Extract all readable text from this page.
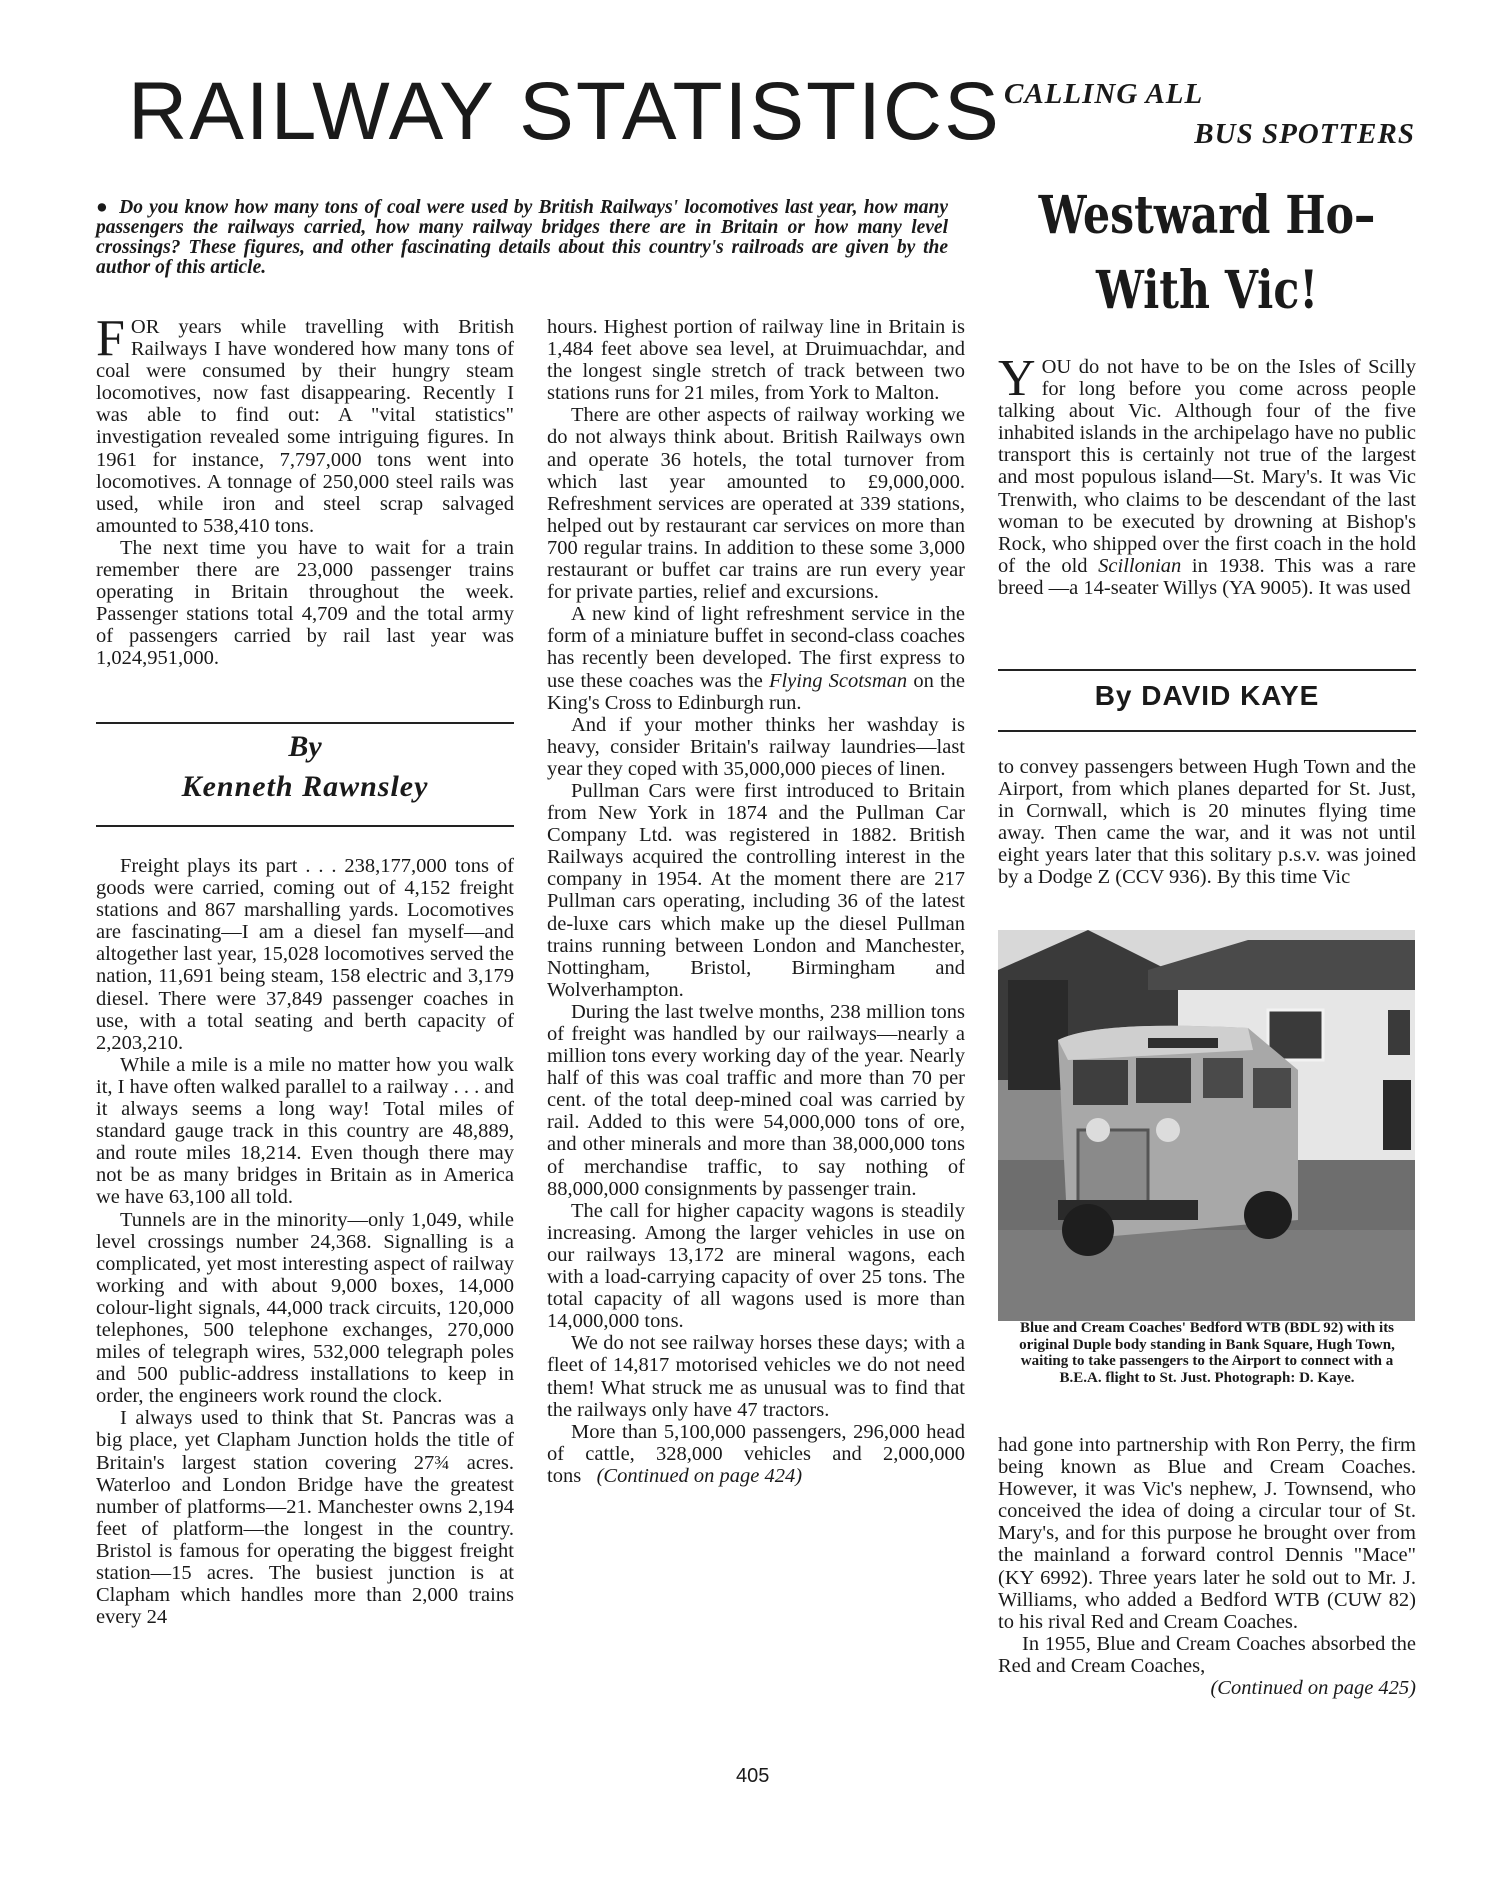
RAILWAY STATISTICS

● Do you know how many tons of coal were used by British Railways' locomotives last year, how many passengers the railways carried, how many railway bridges there are in Britain or how many level crossings? These figures, and other fascinating details about this country's railroads are given by the author of this article.

FOR years while travelling with British Railways I have wondered how many tons of coal were consumed by their hungry steam locomotives, now fast disappearing. Recently I was able to find out: A "vital statistics" investigation revealed some intriguing figures. In 1961 for instance, 7,797,000 tons went into locomotives. A tonnage of 250,000 steel rails was used, while iron and steel scrap salvaged amounted to 538,410 tons.

The next time you have to wait for a train remember there are 23,000 passenger trains operating in Britain throughout the week. Passenger stations total 4,709 and the total army of passengers carried by rail last year was 1,024,951,000.

By

Kenneth Rawnsley

Freight plays its part . . . 238,177,000 tons of goods were carried, coming out of 4,152 freight stations and 867 marshalling yards. Locomotives are fascinating—I am a diesel fan myself—and altogether last year, 15,028 locomotives served the nation, 11,691 being steam, 158 electric and 3,179 diesel. There were 37,849 passenger coaches in use, with a total seating and berth capacity of 2,203,210.

While a mile is a mile no matter how you walk it, I have often walked parallel to a railway . . . and it always seems a long way! Total miles of standard gauge track in this country are 48,889, and route miles 18,214. Even though there may not be as many bridges in Britain as in America we have 63,100 all told.

Tunnels are in the minority—only 1,049, while level crossings number 24,368. Signalling is a complicated, yet most interesting aspect of railway working and with about 9,000 boxes, 14,000 colour-light signals, 44,000 track circuits, 120,000 telephones, 500 telephone exchanges, 270,000 miles of telegraph wires, 532,000 telegraph poles and 500 public-address installations to keep in order, the engineers work round the clock.

I always used to think that St. Pancras was a big place, yet Clapham Junction holds the title of Britain's largest station covering 27¾ acres. Waterloo and London Bridge have the greatest number of platforms—21. Manchester owns 2,194 feet of platform—the longest in the country. Bristol is famous for operating the biggest freight station—15 acres. The busiest junction is at Clapham which handles more than 2,000 trains every 24

hours. Highest portion of railway line in Britain is 1,484 feet above sea level, at Druimuachdar, and the longest single stretch of track between two stations runs for 21 miles, from York to Malton.

There are other aspects of railway working we do not always think about. British Railways own and operate 36 hotels, the total turnover from which last year amounted to £9,000,000. Refreshment services are operated at 339 stations, helped out by restaurant car services on more than 700 regular trains. In addition to these some 3,000 restaurant or buffet car trains are run every year for private parties, relief and excursions.

A new kind of light refreshment service in the form of a miniature buffet in second-class coaches has recently been developed. The first express to use these coaches was the Flying Scotsman on the King's Cross to Edinburgh run.

And if your mother thinks her washday is heavy, consider Britain's railway laundries—last year they coped with 35,000,000 pieces of linen.

Pullman Cars were first introduced to Britain from New York in 1874 and the Pullman Car Company Ltd. was registered in 1882. British Railways acquired the controlling interest in the company in 1954. At the moment there are 217 Pullman cars operating, including 36 of the latest de-luxe cars which make up the diesel Pullman trains running between London and Manchester, Nottingham, Bristol, Birmingham and Wolverhampton.

During the last twelve months, 238 million tons of freight was handled by our railways—nearly a million tons every working day of the year. Nearly half of this was coal traffic and more than 70 per cent. of the total deep-mined coal was carried by rail. Added to this were 54,000,000 tons of ore, and other minerals and more than 38,000,000 tons of merchandise traffic, to say nothing of 88,000,000 consignments by passenger train.

The call for higher capacity wagons is steadily increasing. Among the larger vehicles in use on our railways 13,172 are mineral wagons, each with a load-carrying capacity of over 25 tons. The total capacity of all wagons used is more than 14,000,000 tons.

We do not see railway horses these days; with a fleet of 14,817 motorised vehicles we do not need them! What struck me as unusual was to find that the railways only have 47 tractors.

More than 5,100,000 passengers, 296,000 head of cattle, 328,000 vehicles and 2,000,000 tons (Continued on page 424)

CALLING ALL

BUS SPOTTERS

Westward Ho–
With Vic!

YOU do not have to be on the Isles of Scilly for long before you come across people talking about Vic. Although four of the five inhabited islands in the archipelago have no public transport this is certainly not true of the largest and most populous island—St. Mary's. It was Vic Trenwith, who claims to be descendant of the last woman to be executed by drowning at Bishop's Rock, who shipped over the first coach in the hold of the old Scillonian in 1938. This was a rare breed —a 14-seater Willys (YA 9005). It was used

By DAVID KAYE

to convey passengers between Hugh Town and the Airport, from which planes departed for St. Just, in Cornwall, which is 20 minutes flying time away. Then came the war, and it was not until eight years later that this solitary p.s.v. was joined by a Dodge Z (CCV 936). By this time Vic

Blue and Cream Coaches' Bedford WTB (BDL 92) with its original Duple body standing in Bank Square, Hugh Town, waiting to take passengers to the Airport to connect with a B.E.A. flight to St. Just. Photograph: D. Kaye.

had gone into partnership with Ron Perry, the firm being known as Blue and Cream Coaches. However, it was Vic's nephew, J. Townsend, who conceived the idea of doing a circular tour of St. Mary's, and for this purpose he brought over from the mainland a forward control Dennis "Mace" (KY 6992). Three years later he sold out to Mr. J. Williams, who added a Bedford WTB (CUW 82) to his rival Red and Cream Coaches.

In 1955, Blue and Cream Coaches absorbed the Red and Cream Coaches,

(Continued on page 425)

405
